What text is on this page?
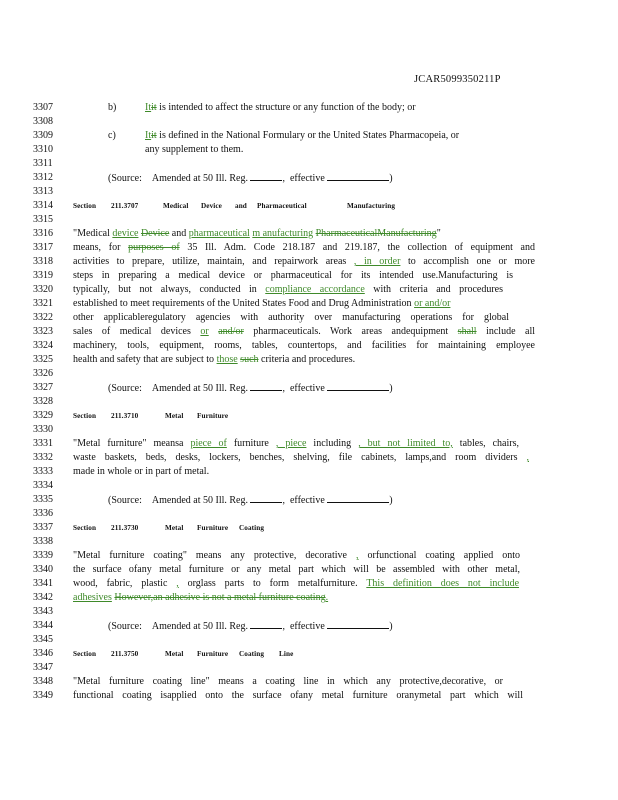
JCAR5099350211P
3307
3308
3309
3310
3311
3312
3313
3314
3315
3316
3317
3318
3319
3320
3321
3322
3323
3324
3325
3326
3327
3328
3329
3330
3331
3332
3333
3334
3335
3336
3337
3338
3339
3340
3341
3342
3343
3344
3345
3346
3347
3348
3349
b)	Itit is intended to affect the structure or any function of the body; or
c)	Itit is defined in the National Formulary or the United States Pharmacopeia, or
any supplement to them.
(Source: Amended at 50 Ill. Reg.	,  effective	)
Section 211.3707	Medical Device and Pharmaceutical	Manufacturing
"Medical device Device and pharmaceutical m anufacturing PharmaceuticalManufacturing"
means, for purposes of 35 Ill. Adm. Code 218.187 and 219.187, the collection of equipment and
activities to prepare, utilize, maintain, and repairwork areas , in order to accomplish one or more
steps in preparing a medical device or pharmaceutical for its intended use.Manufacturing is
typically, but not always, conducted in compliance accordance with criteria and procedures
established to meet requirements of the United States Food and Drug Administration or and/or
other applicableregulatory agencies with authority over manufacturing operations for global
sales of medical devices or and/or pharmaceuticals. Work areas andequipment shall include all
machinery, tools, equipment, rooms, tables, countertops, and facilities for maintaining employee
health and safety that are subject to those such criteria and procedures.
(Source: Amended at 50 Ill. Reg.	,  effective	)
Section 211.3710	Metal Furniture
"Metal furniture" meansa piece of furniture , piece including , but not limited to, tables, chairs,
waste baskets, beds, desks, lockers, benches, shelving, file cabinets, lamps,and room dividers ,
made in whole or in part of metal.
(Source: Amended at 50 Ill. Reg.	,  effective	)
Section 211.3730	Metal Furniture Coating
"Metal furniture coating" means any protective, decorative , orfunctional coating applied onto
the surface ofany metal furniture or any metal part which will be assembled with other metal,
wood, fabric, plastic , orglass parts to form metalfurniture. This definition does not include
adhesives However,an adhesive is not a metal furniture coating.
(Source: Amended at 50 Ill. Reg.	,  effective	)
Section 211.3750	Metal Furniture Coating Line
"Metal furniture coating line" means a coating line in which any protective,decorative, or
functional coating isapplied onto the surface ofany metal furniture oranymetal part which will
